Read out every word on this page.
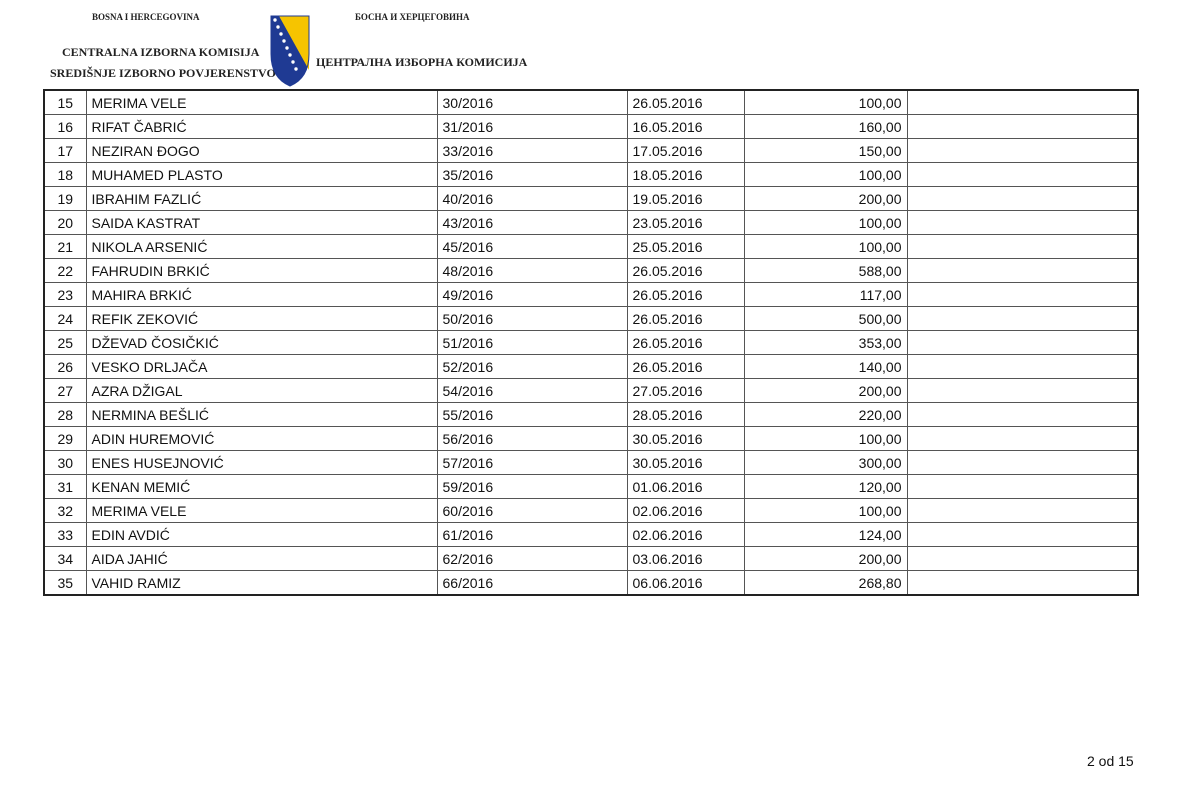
BOSNA I HERCEGOVINA
CENTRALNA IZBORNA KOMISIJA
SREDIŠNJE IZBORNO POVJERENSTVO
БОСНА И ХЕРЦЕГОВИНА
ЦЕНТРАЛНА ИЗБОРНА КОМИСИЈА
15	MERIMA VELE	30/2016	26.05.2016	100,00	
16	RIFAT ČABRIĆ	31/2016	16.05.2016	160,00	
17	NEZIRAN ĐOGO	33/2016	17.05.2016	150,00	
18	MUHAMED PLASTO	35/2016	18.05.2016	100,00	
19	IBRAHIM FAZLIĆ	40/2016	19.05.2016	200,00	
20	SAIDA KASTRAT	43/2016	23.05.2016	100,00	
21	NIKOLA ARSENIĆ	45/2016	25.05.2016	100,00	
22	FAHRUDIN BRKIĆ	48/2016	26.05.2016	588,00	
23	MAHIRA BRKIĆ	49/2016	26.05.2016	117,00	
24	REFIK ZEKOVIĆ	50/2016	26.05.2016	500,00	
25	DŽEVAD ČOSIČKIĆ	51/2016	26.05.2016	353,00	
26	VESKO DRLJAČA	52/2016	26.05.2016	140,00	
27	AZRA DŽIGAL	54/2016	27.05.2016	200,00	
28	NERMINA BEŠLIĆ	55/2016	28.05.2016	220,00	
29	ADIN HUREMOVIĆ	56/2016	30.05.2016	100,00	
30	ENES HUSEJNOVIĆ	57/2016	30.05.2016	300,00	
31	KENAN MEMIĆ	59/2016	01.06.2016	120,00	
32	MERIMA VELE	60/2016	02.06.2016	100,00	
33	EDIN AVDIĆ	61/2016	02.06.2016	124,00	
34	AIDA JAHIĆ	62/2016	03.06.2016	200,00	
35	VAHID RAMIZ	66/2016	06.06.2016	268,80	
2 od 15
